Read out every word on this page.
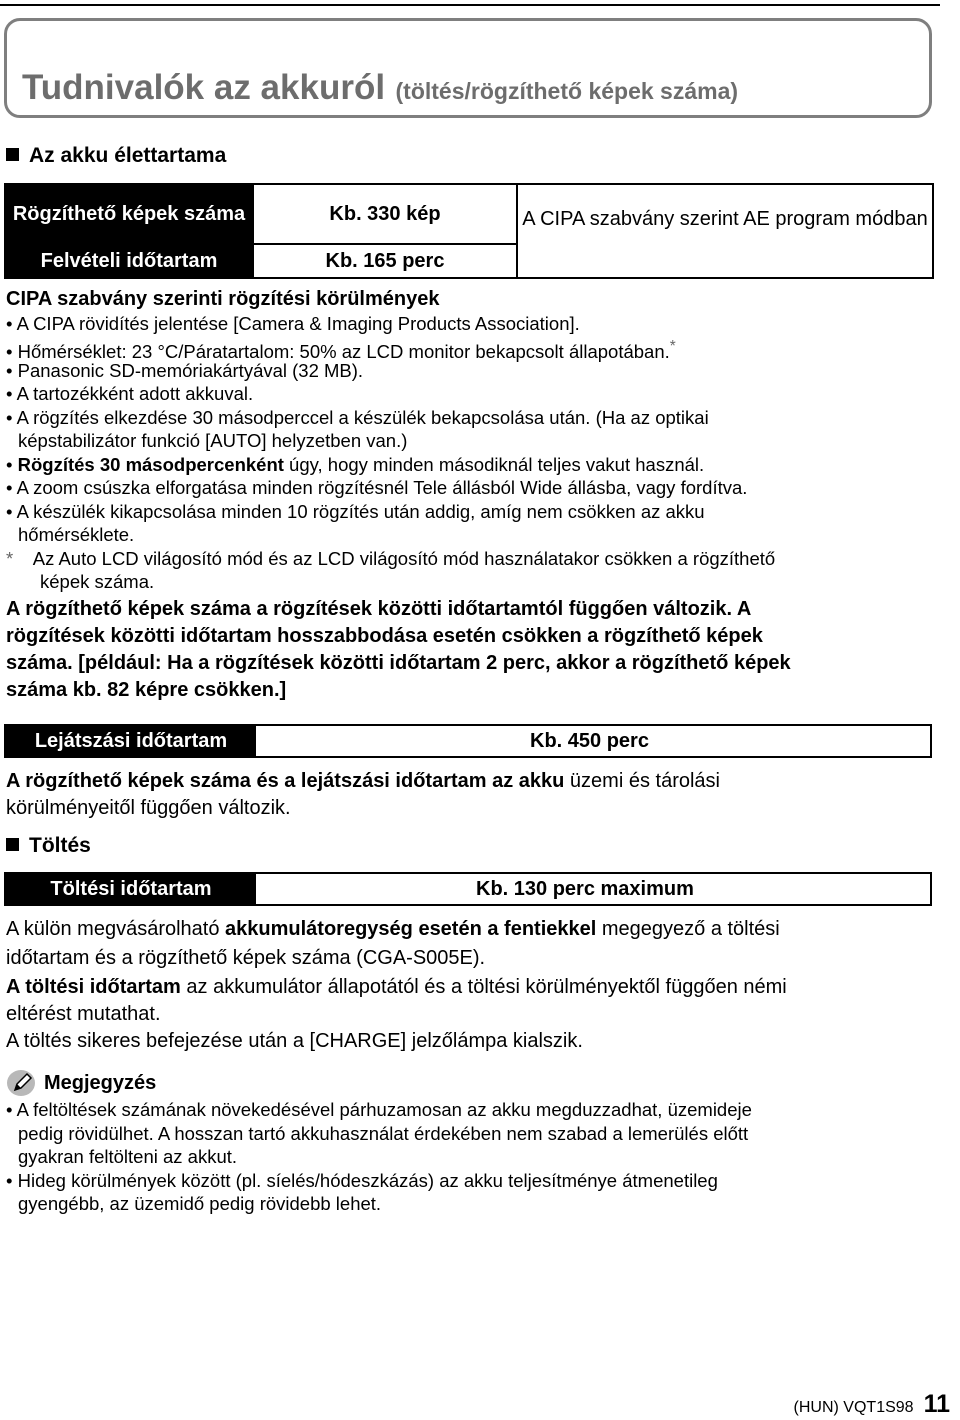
Tudnivalók az akkuról (töltés/rögzíthető képek száma)
Az akku élettartama
Rögzíthető képek száma	Kb. 330 kép	A CIPA szabvány szerint AE program módban
Felvételi időtartam	Kb. 165 perc	
CIPA szabvány szerinti rögzítési körülmények
• A CIPA rövidítés jelentése [Camera & Imaging Products Association].
• Hőmérséklet: 23 °C/Páratartalom: 50% az LCD monitor bekapcsolt állapotában.*
• Panasonic SD-memóriakártyával (32 MB).
• A tartozékként adott akkuval.
• A rögzítés elkezdése 30 másodperccel a készülék bekapcsolása után. (Ha az optikai
képstabilizátor funkció [AUTO] helyzetben van.)
• Rögzítés 30 másodpercenként úgy, hogy minden másodiknál teljes vakut használ.
• A zoom csúszka elforgatása minden rögzítésnél Tele állásból Wide állásba, vagy fordítva.
• A készülék kikapcsolása minden 10 rögzítés után addig, amíg nem csökken az akku
hőmérséklete.
* Az Auto LCD világosító mód és az LCD világosító mód használatakor csökken a rögzíthető
képek száma.
A rögzíthető képek száma a rögzítések közötti időtartamtól függően változik. A
rögzítések közötti időtartam hosszabbodása esetén csökken a rögzíthető képek
száma. [például: Ha a rögzítések közötti időtartam 2 perc, akkor a rögzíthető képek
száma kb. 82 képre csökken.]
Lejátszási időtartam	Kb. 450 perc
A rögzíthető képek száma és a lejátszási időtartam az akku üzemi és tárolási
körülményeitől függően változik.
Töltés
Töltési időtartam	Kb. 130 perc maximum
A külön megvásárolható akkumulátoregység esetén a fentiekkel megegyező a töltési
időtartam és a rögzíthető képek száma (CGA-S005E).
A töltési időtartam az akkumulátor állapotától és a töltési körülményektől függően némi
eltérést mutathat.
A töltés sikeres befejezése után a [CHARGE] jelzőlámpa kialszik.
Megjegyzés
• A feltöltések számának növekedésével párhuzamosan az akku megduzzadhat, üzemideje
pedig rövidülhet. A hosszan tartó akkuhasználat érdekében nem szabad a lemerülés előtt
gyakran feltölteni az akkut.
• Hideg körülmények között (pl. síelés/hódeszkázás) az akku teljesítménye átmenetileg
gyengébb, az üzemidő pedig rövidebb lehet.
(HUN) VQT1S98 11
